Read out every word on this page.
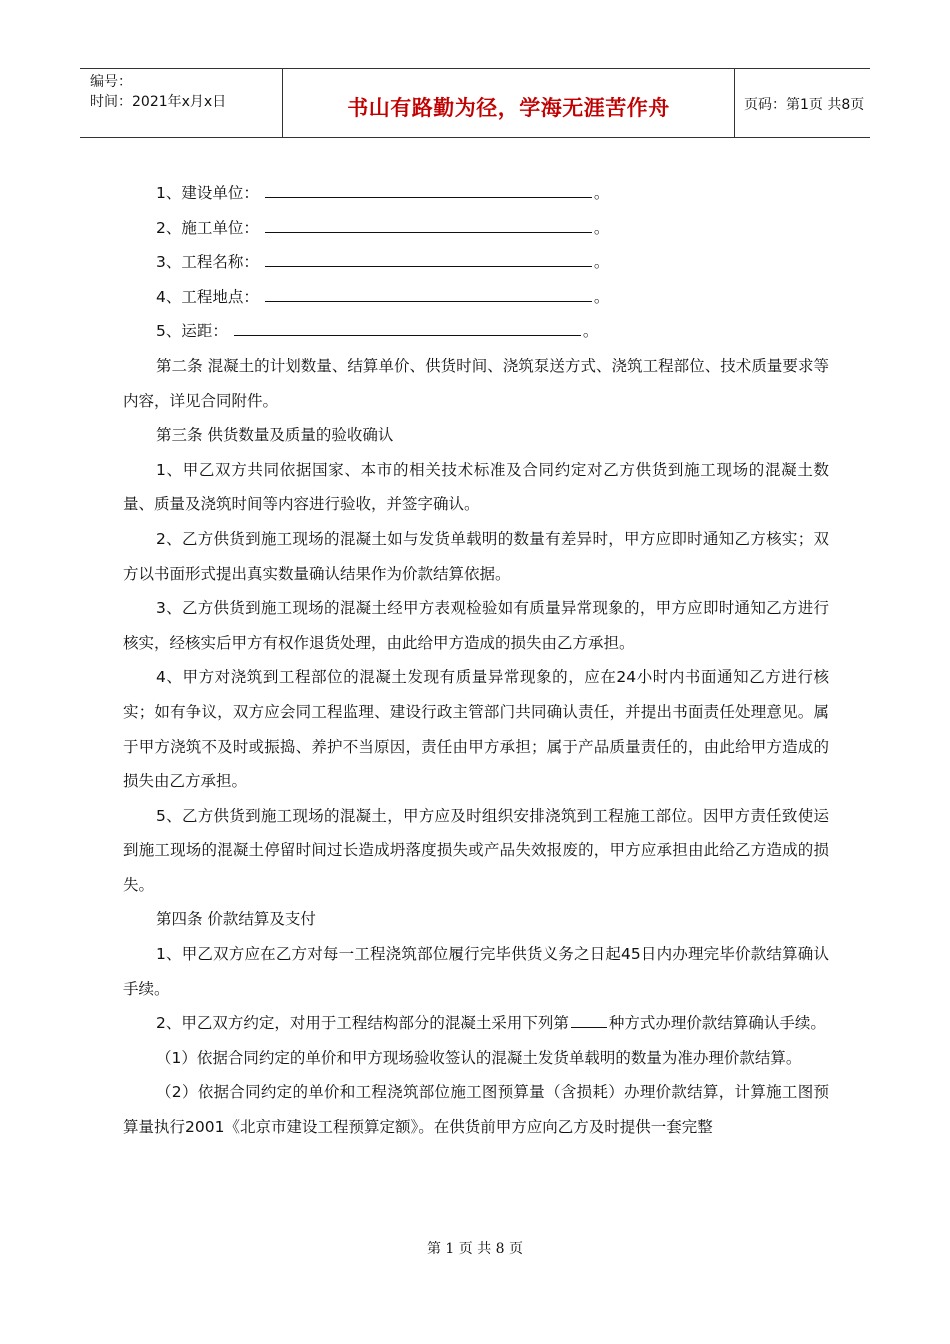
编号：
时间：2021年x月x日	书山有路勤为径，学海无涯苦作舟	页码：第1页 共8页

1、建设单位：	。

2、施工单位：	。

3、工程名称：	。

4、工程地点：	。

5、运距：	。

第二条 混凝土的计划数量、结算单价、供货时间、浇筑泵送方式、浇筑工程部位、技术质量要求等内容，详见合同附件。

第三条 供货数量及质量的验收确认

1、甲乙双方共同依据国家、本市的相关技术标准及合同约定对乙方供货到施工现场的混凝土数量、质量及浇筑时间等内容进行验收，并签字确认。

2、乙方供货到施工现场的混凝土如与发货单载明的数量有差异时，甲方应即时通知乙方核实；双方以书面形式提出真实数量确认结果作为价款结算依据。

3、乙方供货到施工现场的混凝土经甲方表观检验如有质量异常现象的，甲方应即时通知乙方进行核实，经核实后甲方有权作退货处理，由此给甲方造成的损失由乙方承担。

4、甲方对浇筑到工程部位的混凝土发现有质量异常现象的，应在24小时内书面通知乙方进行核实；如有争议，双方应会同工程监理、建设行政主管部门共同确认责任，并提出书面责任处理意见。属于甲方浇筑不及时或振捣、养护不当原因，责任由甲方承担；属于产品质量责任的，由此给甲方造成的损失由乙方承担。

5、乙方供货到施工现场的混凝土，甲方应及时组织安排浇筑到工程施工部位。因甲方责任致使运到施工现场的混凝土停留时间过长造成坍落度损失或产品失效报废的，甲方应承担由此给乙方造成的损失。

第四条 价款结算及支付

1、甲乙双方应在乙方对每一工程浇筑部位履行完毕供货义务之日起45日内办理完毕价款结算确认手续。

2、甲乙双方约定，对用于工程结构部分的混凝土采用下列第	种方式办理价款结算确认手续。

（1）依据合同约定的单价和甲方现场验收签认的混凝土发货单载明的数量为准办理价款结算。

（2）依据合同约定的单价和工程浇筑部位施工图预算量（含损耗）办理价款结算，计算施工图预算量执行2001《北京市建设工程预算定额》。在供货前甲方应向乙方及时提供一套完整

第 1 页 共 8 页
